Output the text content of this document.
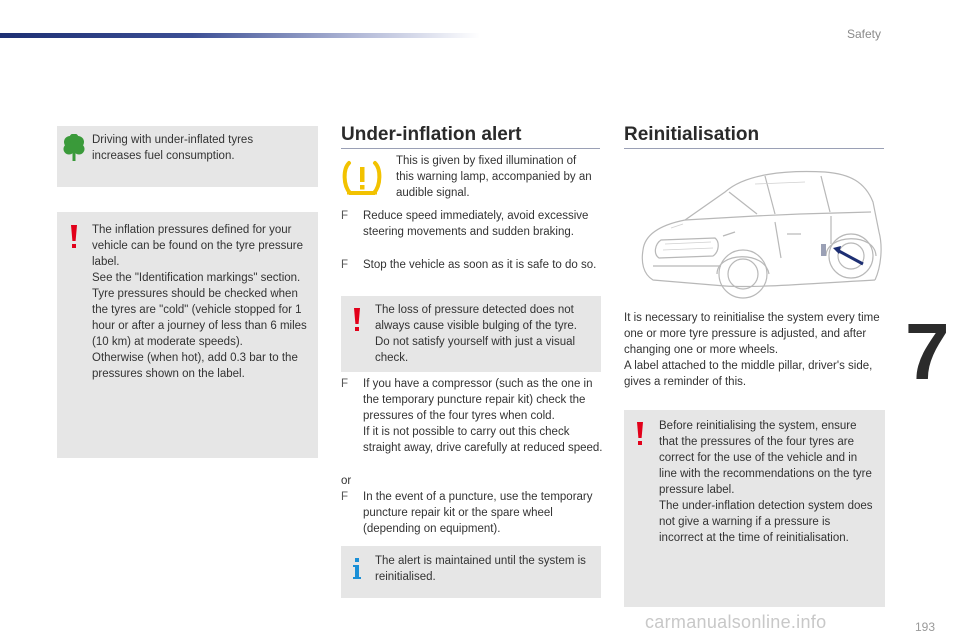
Safety
7
193
carmanualsonline.info
Driving with under-inflated tyres increases fuel consumption.
The inflation pressures defined for your vehicle can be found on the tyre pressure label.
See the "Identification markings" section.
Tyre pressures should be checked when the tyres are "cold" (vehicle stopped for 1 hour or after a journey of less than 6 miles (10 km) at moderate speeds).
Otherwise (when hot), add 0.3 bar to the pressures shown on the label.
Under-inflation alert

This is given by fixed illumination of this warning lamp, accompanied by an audible signal.

F	Reduce speed immediately, avoid excessive steering movements and sudden braking.
F	Stop the vehicle as soon as it is safe to do so.
The loss of pressure detected does not always cause visible bulging of the tyre. Do not satisfy yourself with just a visual check.
F	If you have a compressor (such as the one in the temporary puncture repair kit) check the pressures of the four tyres when cold.
If it is not possible to carry out this check straight away, drive carefully at reduced speed.
or
F	In the event of a puncture, use the temporary puncture repair kit or the spare wheel (depending on equipment).
The alert is maintained until the system is reinitialised.
Reinitialisation

It is necessary to reinitialise the system every time one or more tyre pressure is adjusted, and after changing one or more wheels.
A label attached to the middle pillar, driver's side, gives a reminder of this.

Before reinitialising the system, ensure that the pressures of the four tyres are correct for the use of the vehicle and in line with the recommendations on the tyre pressure label.
The under-inflation detection system does not give a warning if a pressure is incorrect at the time of reinitialisation.
